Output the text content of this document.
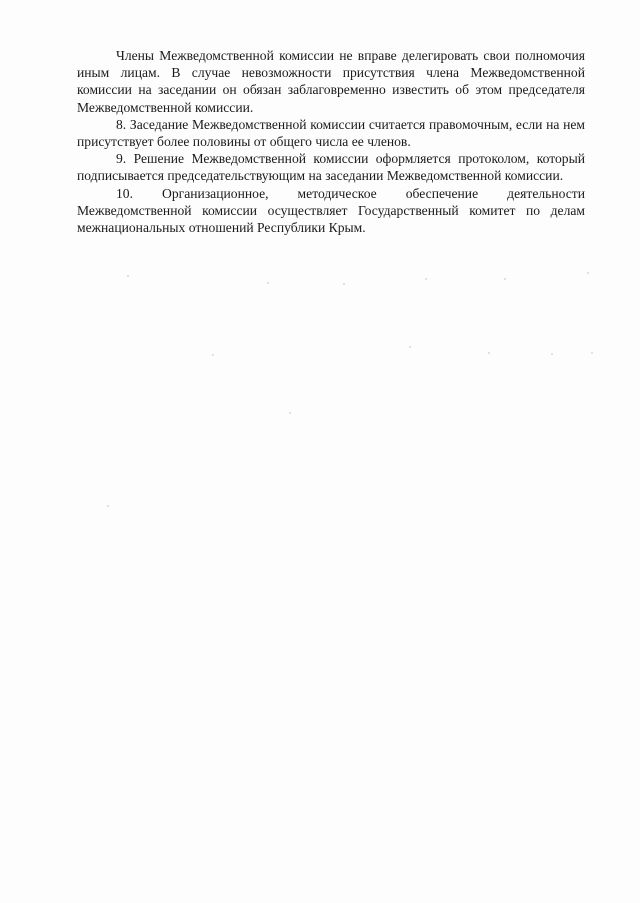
Члены Межведомственной комиссии не вправе делегировать свои полномочия иным лицам. В случае невозможности присутствия члена Межведомственной комиссии на заседании он обязан заблаговременно известить об этом председателя Межведомственной комиссии.

8. Заседание Межведомственной комиссии считается правомочным, если на нем присутствует более половины от общего числа ее членов.

9. Решение Межведомственной комиссии оформляется протоколом, который подписывается председательствующим на заседании Межведомственной комиссии.

10. Организационное, методическое обеспечение деятельности Межведомственной комиссии осуществляет Государственный комитет по делам межнациональных отношений Республики Крым.
